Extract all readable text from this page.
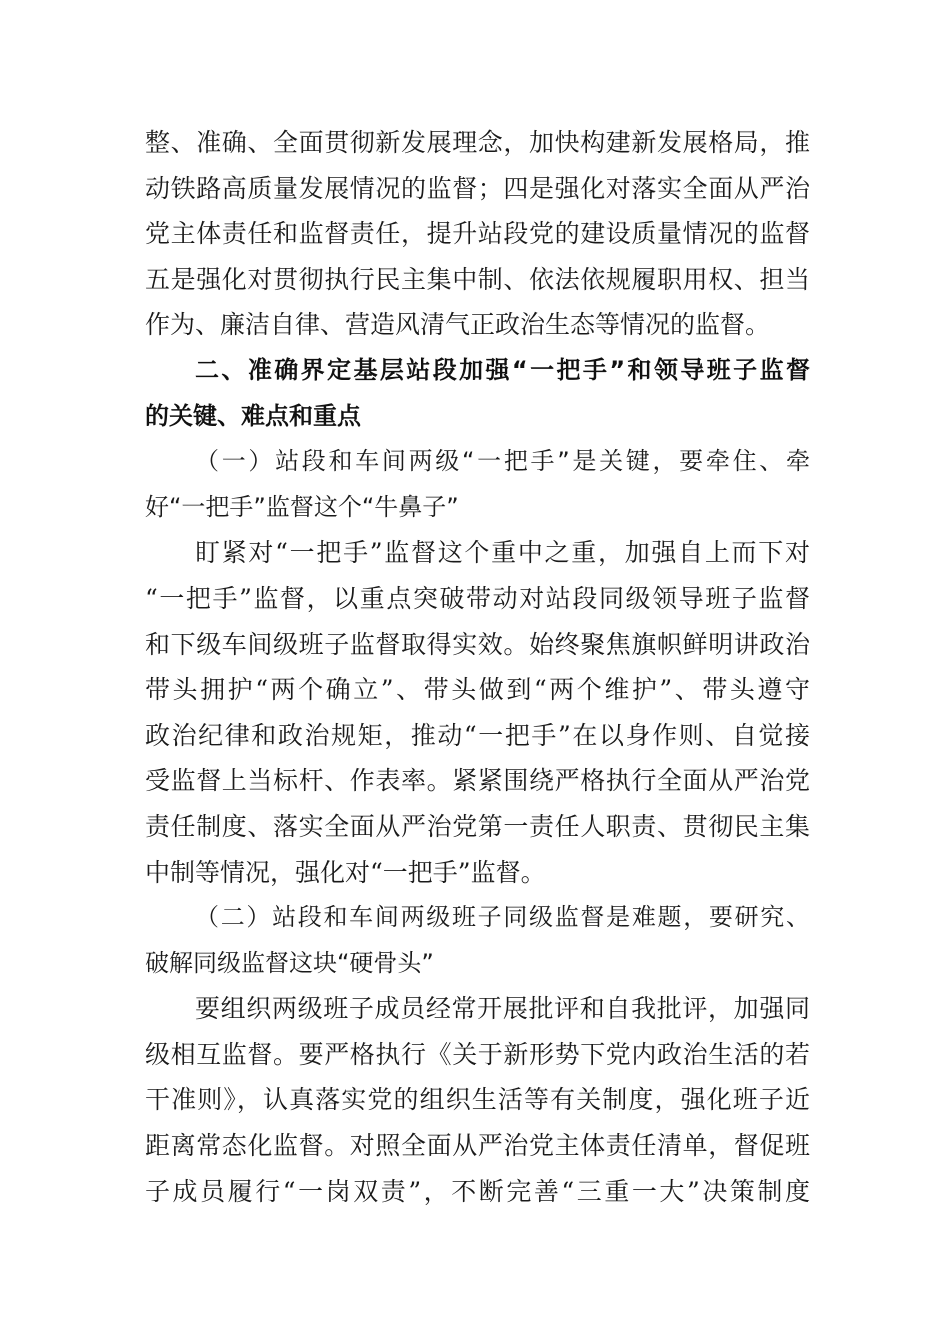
整、准确、全面贯彻新发展理念，加快构建新发展格局，推
动铁路高质量发展情况的监督；四是强化对落实全面从严治
党主体责任和监督责任，提升站段党的建设质量情况的监督
五是强化对贯彻执行民主集中制、依法依规履职用权、担当
作为、廉洁自律、营造风清气正政治生态等情况的监督。
二、准确界定基层站段加强“一把手”和领导班子监督
的关键、难点和重点
（一）站段和车间两级“一把手”是关键，要牵住、牵
好“一把手”监督这个“牛鼻子”
盯紧对“一把手”监督这个重中之重，加强自上而下对
“一把手”监督，以重点突破带动对站段同级领导班子监督
和下级车间级班子监督取得实效。始终聚焦旗帜鲜明讲政治
带头拥护“两个确立”、带头做到“两个维护”、带头遵守
政治纪律和政治规矩，推动“一把手”在以身作则、自觉接
受监督上当标杆、作表率。紧紧围绕严格执行全面从严治党
责任制度、落实全面从严治党第一责任人职责、贯彻民主集
中制等情况，强化对“一把手”监督。
（二）站段和车间两级班子同级监督是难题，要研究、
破解同级监督这块“硬骨头”
要组织两级班子成员经常开展批评和自我批评，加强同
级相互监督。要严格执行《关于新形势下党内政治生活的若
干准则》，认真落实党的组织生活等有关制度，强化班子近
距离常态化监督。对照全面从严治党主体责任清单，督促班
子成员履行“一岗双责”，不断完善“三重一大”决策制度
